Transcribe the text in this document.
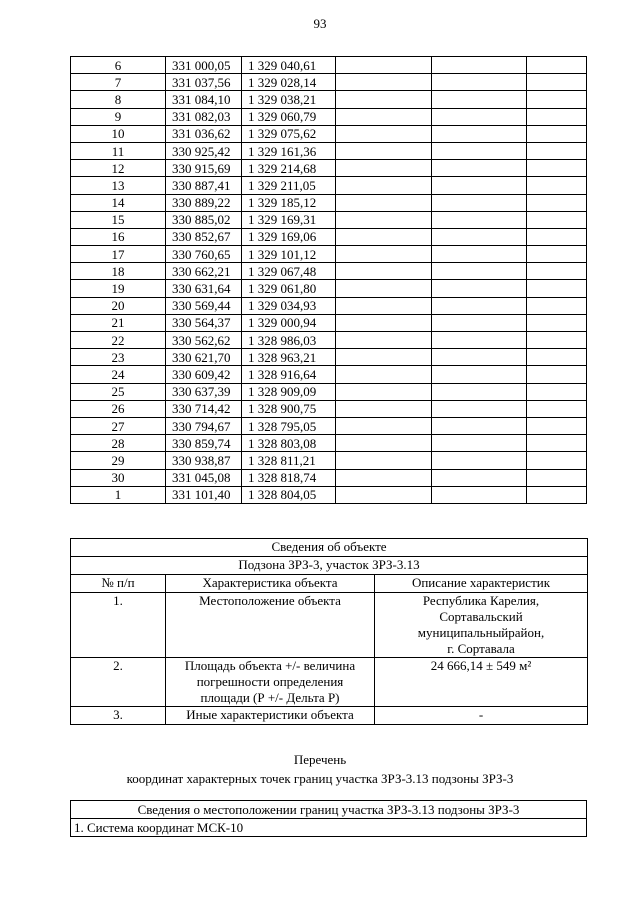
93
6	331 000,05	1 329 040,61			
7	331 037,56	1 329 028,14			
8	331 084,10	1 329 038,21			
9	331 082,03	1 329 060,79			
10	331 036,62	1 329 075,62			
11	330 925,42	1 329 161,36			
12	330 915,69	1 329 214,68			
13	330 887,41	1 329 211,05			
14	330 889,22	1 329 185,12			
15	330 885,02	1 329 169,31			
16	330 852,67	1 329 169,06			
17	330 760,65	1 329 101,12			
18	330 662,21	1 329 067,48			
19	330 631,64	1 329 061,80			
20	330 569,44	1 329 034,93			
21	330 564,37	1 329 000,94			
22	330 562,62	1 328 986,03			
23	330 621,70	1 328 963,21			
24	330 609,42	1 328 916,64			
25	330 637,39	1 328 909,09			
26	330 714,42	1 328 900,75			
27	330 794,67	1 328 795,05			
28	330 859,74	1 328 803,08			
29	330 938,87	1 328 811,21			
30	331 045,08	1 328 818,74			
1	331 101,40	1 328 804,05			
Сведения об объекте		
Подзона ЗРЗ-3, участок ЗРЗ-3.13		
№ п/п	Характеристика объекта	Описание характеристик
1.	Местоположение объекта	Республика Карелия,
Сортавальский
муниципальныйрайон,
г. Сортавала

2.	Площадь объекта +/- величина
погрешности определения
площади (Р +/- Дельта Р)	24 666,14 ± 549 м²

3.	Иные характеристики объекта	-
Перечень
координат характерных точек границ участка ЗРЗ-3.13 подзоны ЗРЗ-3
Сведения о местоположении границ участка ЗРЗ-3.13 подзоны ЗРЗ-3
1. Система координат МСК-10
